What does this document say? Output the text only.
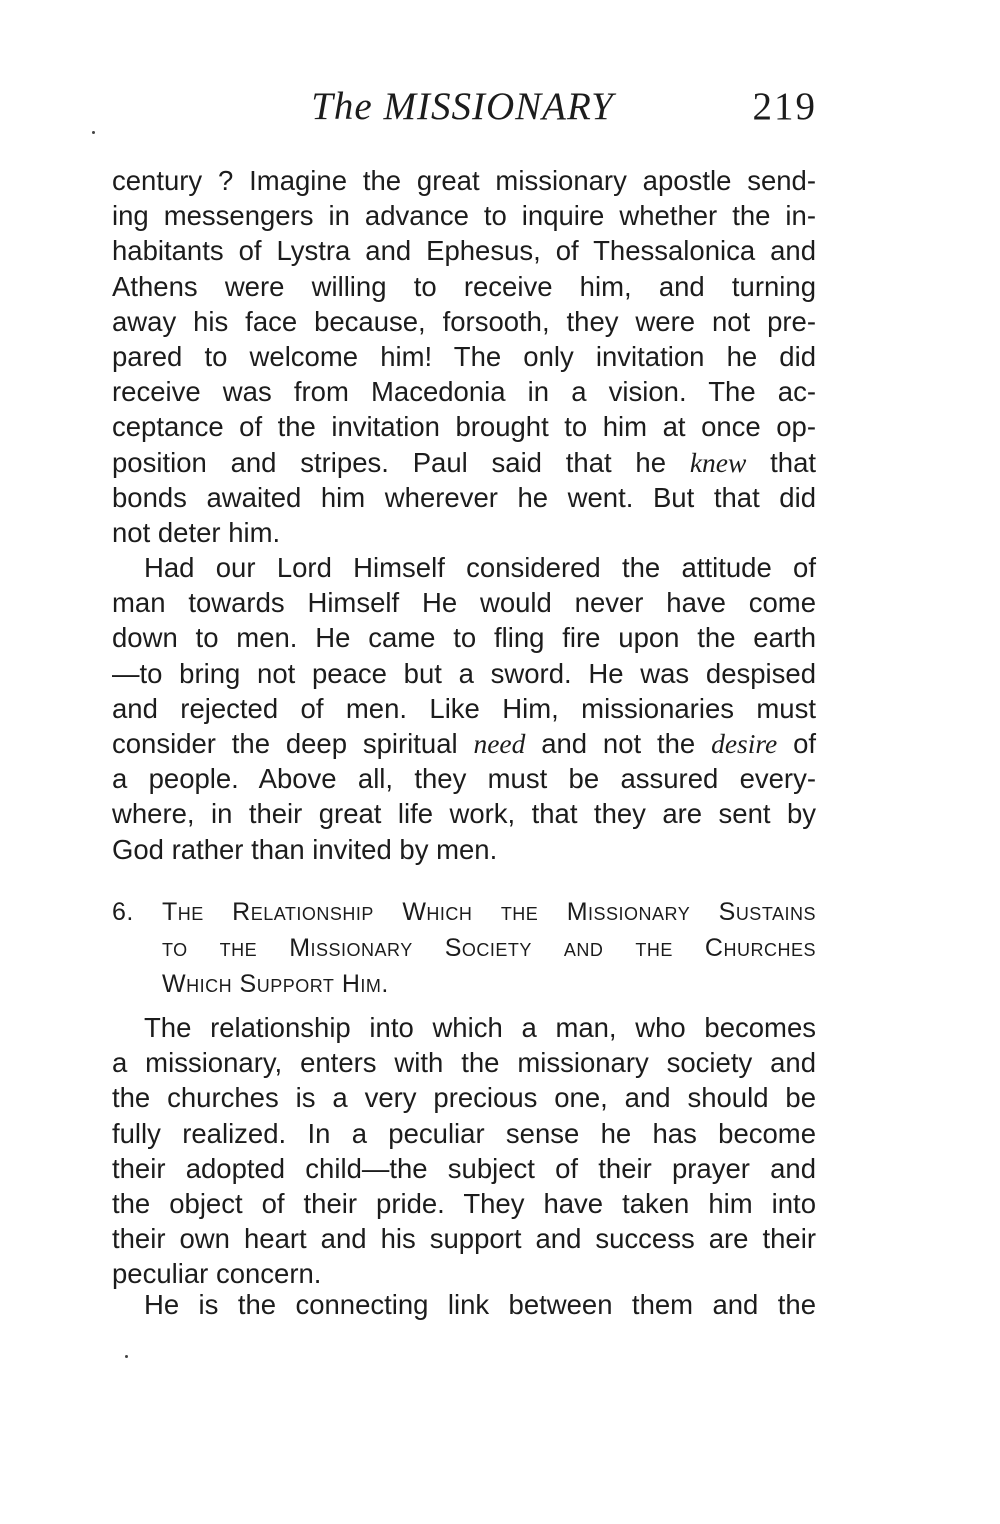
The MISSIONARY	219
century ? Imagine the great missionary apostle send-
ing messengers in advance to inquire whether the in-
habitants of Lystra and Ephesus, of Thessalonica and
Athens were willing to receive him, and turning
away his face because, forsooth, they were not pre-
pared to welcome him! The only invitation he did
receive was from Macedonia in a vision. The ac-
ceptance of the invitation brought to him at once op-
position and stripes. Paul said that he knew that
bonds awaited him wherever he went. But that did
not deter him.
Had our Lord Himself considered the attitude of
man towards Himself He would never have come
down to men. He came to fling fire upon the earth
—to bring not peace but a sword. He was despised
and rejected of men. Like Him, missionaries must
consider the deep spiritual need and not the desire of
a people. Above all, they must be assured every-
where, in their great life work, that they are sent by
God rather than invited by men.
6. The Relationship Which the Missionary Sustains
to the Missionary Society and the Churches
Which Support Him.
The relationship into which a man, who becomes
a missionary, enters with the missionary society and
the churches is a very precious one, and should be
fully realized. In a peculiar sense he has become
their adopted child—the subject of their prayer and
the object of their pride. They have taken him into
their own heart and his support and success are their
peculiar concern.
He is the connecting link between them and the
